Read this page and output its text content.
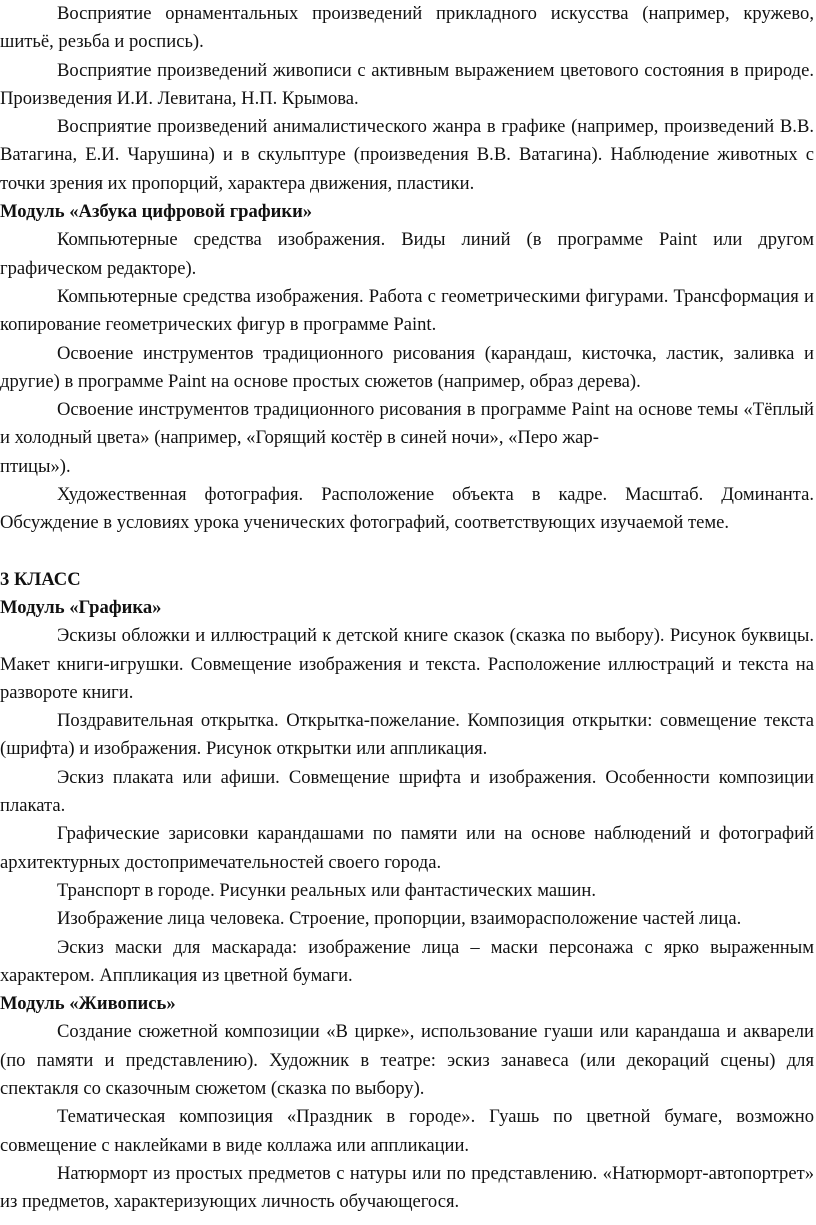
Восприятие орнаментальных произведений прикладного искусства (например, кружево, шитьё, резьба и роспись).

Восприятие произведений живописи с активным выражением цветового состояния в природе. Произведения И.И. Левитана, Н.П. Крымова.

Восприятие произведений анималистического жанра в графике (например, произведений В.В. Ватагина, Е.И. Чарушина) и в скульптуре (произведения В.В. Ватагина). Наблюдение животных с точки зрения их пропорций, характера движения, пластики.

Модуль «Азбука цифровой графики»

Компьютерные средства изображения. Виды линий (в программе Paint или другом графическом редакторе).

Компьютерные средства изображения. Работа с геометрическими фигурами. Трансформация и копирование геометрических фигур в программе Paint.

Освоение инструментов традиционного рисования (карандаш, кисточка, ластик, заливка и другие) в программе Paint на основе простых сюжетов (например, образ дерева).

Освоение инструментов традиционного рисования в программе Paint на основе темы «Тёплый и холодный цвета» (например, «Горящий костёр в синей ночи», «Перо жар-
птицы»).

Художественная фотография. Расположение объекта в кадре. Масштаб. Доминанта. Обсуждение в условиях урока ученических фотографий, соответствующих изучаемой теме.

3 КЛАСС

Модуль «Графика»

Эскизы обложки и иллюстраций к детской книге сказок (сказка по выбору). Рисунок буквицы. Макет книги-игрушки. Совмещение изображения и текста. Расположение иллюстраций и текста на развороте книги.

Поздравительная открытка. Открытка-пожелание. Композиция открытки: совмещение текста (шрифта) и изображения. Рисунок открытки или аппликация.

Эскиз плаката или афиши. Совмещение шрифта и изображения. Особенности композиции плаката.

Графические зарисовки карандашами по памяти или на основе наблюдений и фотографий архитектурных достопримечательностей своего города.

Транспорт в городе. Рисунки реальных или фантастических машин.

Изображение лица человека. Строение, пропорции, взаиморасположение частей лица.

Эскиз маски для маскарада: изображение лица – маски персонажа с ярко выраженным характером. Аппликация из цветной бумаги.

Модуль «Живопись»

Создание сюжетной композиции «В цирке», использование гуаши или карандаша и акварели (по памяти и представлению). Художник в театре: эскиз занавеса (или декораций сцены) для спектакля со сказочным сюжетом (сказка по выбору).

Тематическая композиция «Праздник в городе». Гуашь по цветной бумаге, возможно совмещение с наклейками в виде коллажа или аппликации.

Натюрморт из простых предметов с натуры или по представлению. «Натюрморт-автопортрет» из предметов, характеризующих личность обучающегося.
